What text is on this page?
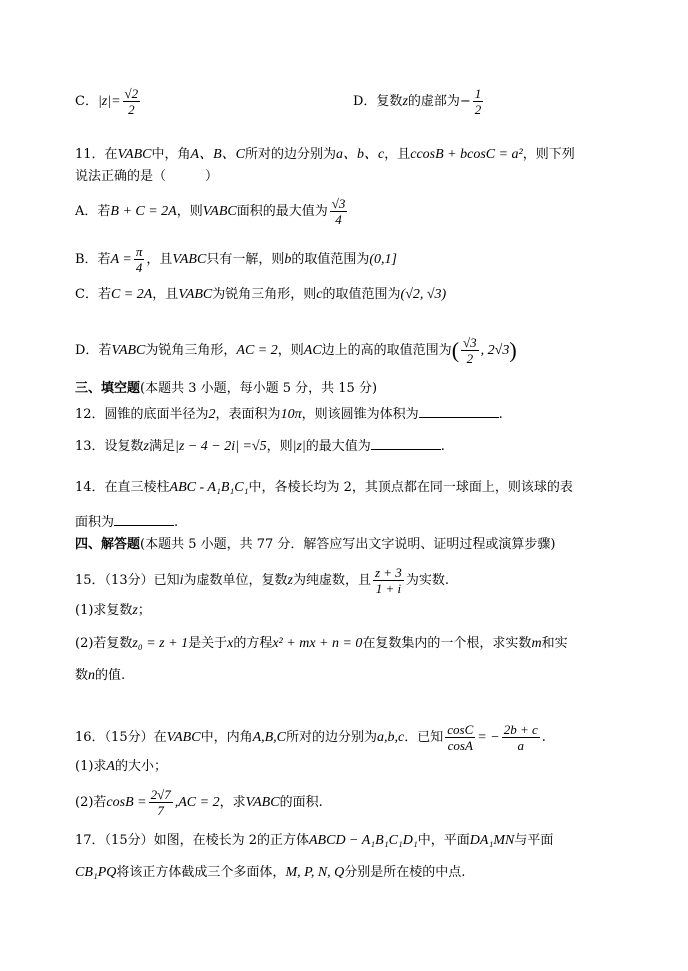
C．$|z|= \frac{√2}{2}$	D．复数z的虚部为− $\frac{1}{2}$
11．在VABC中，角A、B、C所对的边分别为a、b、c，且ccosB + bcosC = a²，则下列
说法正确的是（　　　）
A．若B + C = 2A，则VABC面积的最大值为 $\frac{√3}{4}$
B．若$A = \frac{\pi}{4}$ ，且VABC只有一解，则b的取值范围为(0,1]
C．若C = 2A，且VABC为锐角三角形，则c的取值范围为(√2, √3)
D．若VABC为锐角三角形，AC = 2，则AC边上的高的取值范围为( $\frac{√3}{2}$ , 2√3)
三、填空题(本题共 3 小题，每小题 5 分，共 15 分)
12．圆锥的底面半径为2，表面积为10π，则该圆锥为体积为	.
13．设复数z满足|z − 4 − 2i| =√5，则|z|的最大值为	.
14．在直三棱柱ABC - A₁B₁C₁中，各棱长均为 2，其顶点都在同一球面上，则该球的表
面积为	.
四、解答题(本题共 5 小题，共 77 分．解答应写出文字说明、证明过程或演算步骤)
15．（13分）已知i为虚数单位，复数z为纯虚数，且 $\frac{z + 3}{1 + i}$ 为实数.
(1)求复数z；
(2)若复数z₀ = z + 1是关于x的方程x² + mx + n = 0在复数集内的一个根，求实数m和实
数n的值.
16．（15分）在VABC中，内角A,B,C所对的边分别为a,b,c．已知 $\frac{\cos C}{\cos A}$ = − $\frac{2b + c}{a}$ .
(1)求A的大小；
(2)若$\cos B = \frac{2√7}{7} ,AC = 2$，求VABC的面积.
17．（15分）如图，在棱长为 2的正方体ABCD − A₁B₁C₁D₁中，平面DA₁MN与平面
CB₁PQ将该正方体截成三个多面体，M, P, N, Q分别是所在棱的中点.
